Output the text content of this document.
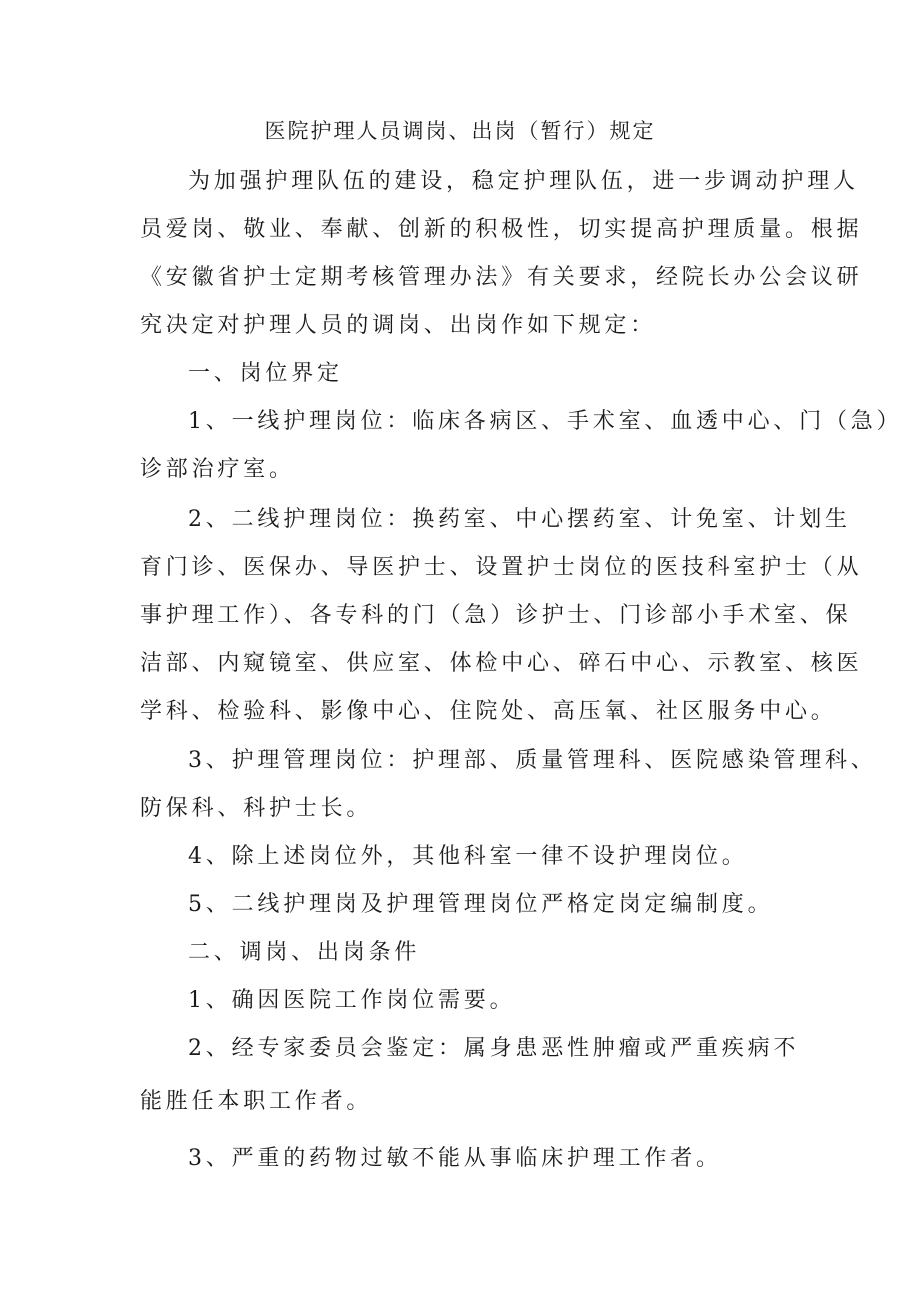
医院护理人员调岗、出岗（暂行）规定
为加强护理队伍的建设，稳定护理队伍，进一步调动护理人
员爱岗、敬业、奉献、创新的积极性，切实提高护理质量。根据
《安徽省护士定期考核管理办法》有关要求，经院长办公会议研
究决定对护理人员的调岗、出岗作如下规定：
一、岗位界定
1、一线护理岗位：临床各病区、手术室、血透中心、门（急）
诊部治疗室。
2、二线护理岗位：换药室、中心摆药室、计免室、计划生
育门诊、医保办、导医护士、设置护士岗位的医技科室护士（从
事护理工作）、各专科的门（急）诊护士、门诊部小手术室、保
洁部、内窥镜室、供应室、体检中心、碎石中心、示教室、核医
学科、检验科、影像中心、住院处、高压氧、社区服务中心。
3、护理管理岗位：护理部、质量管理科、医院感染管理科、
防保科、科护士长。
4、除上述岗位外，其他科室一律不设护理岗位。
5、二线护理岗及护理管理岗位严格定岗定编制度。
二、调岗、出岗条件
1、确因医院工作岗位需要。
2、经专家委员会鉴定：属身患恶性肿瘤或严重疾病不
能胜任本职工作者。
3、严重的药物过敏不能从事临床护理工作者。
